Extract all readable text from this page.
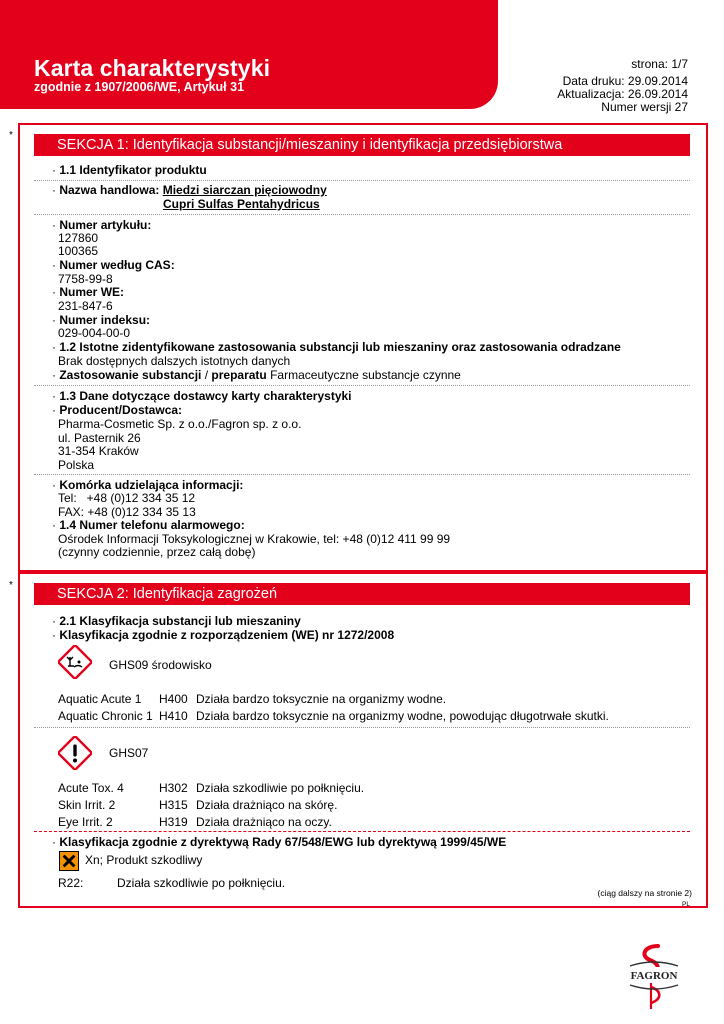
Karta charakterystyki
zgodnie z 1907/2006/WE, Artykuł 31
strona: 1/7
Data druku: 29.09.2014
Aktualizacja: 26.09.2014
Numer wersji 27
*
SEKCJA 1: Identyfikacja substancji/mieszaniny i identyfikacja przedsiębiorstwa
· 1.1 Identyfikator produktu
· Nazwa handlowa: Miedzi siarczan pięciowodny
Cupri Sulfas Pentahydricus
· Numer artykułu:
127860
100365
· Numer według CAS:
7758-99-8
· Numer WE:
231-847-6
· Numer indeksu:
029-004-00-0
· 1.2 Istotne zidentyfikowane zastosowania substancji lub mieszaniny oraz zastosowania odradzane
Brak dostępnych dalszych istotnych danych
· Zastosowanie substancji / preparatu Farmaceutyczne substancje czynne
· 1.3 Dane dotyczące dostawcy karty charakterystyki
· Producent/Dostawca:
Pharma-Cosmetic Sp. z o.o./Fagron sp. z o.o.
ul. Pasternik 26
31-354 Kraków
Polska
· Komórka udzielająca informacji:
Tel:   +48 (0)12 334 35 12
FAX: +48 (0)12 334 35 13
· 1.4 Numer telefonu alarmowego:
Ośrodek Informacji Toksykologicznej w Krakowie, tel: +48 (0)12 411 99 99
(czynny codziennie, przez całą dobę)
*
SEKCJA 2: Identyfikacja zagrożeń
· 2.1 Klasyfikacja substancji lub mieszaniny
· Klasyfikacja zgodnie z rozporządzeniem (WE) nr 1272/2008
GHS09 środowisko
Aquatic Acute 1 H400 Działa bardzo toksycznie na organizmy wodne.
Aquatic Chronic 1 H410 Działa bardzo toksycznie na organizmy wodne, powodując długotrwałe skutki.
GHS07
Acute Tox. 4	H302 Działa szkodliwie po połknięciu.
Skin Irrit. 2	H315 Działa drażniąco na skórę.
Eye Irrit. 2	H319 Działa drażniąco na oczy.
· Klasyfikacja zgodnie z dyrektywą Rady 67/548/EWG lub dyrektywą 1999/45/WE
Xn; Produkt szkodliwy
R22:	Działa szkodliwie po połknięciu.
(ciąg dalszy na stronie 2)
PL
FAGRON
